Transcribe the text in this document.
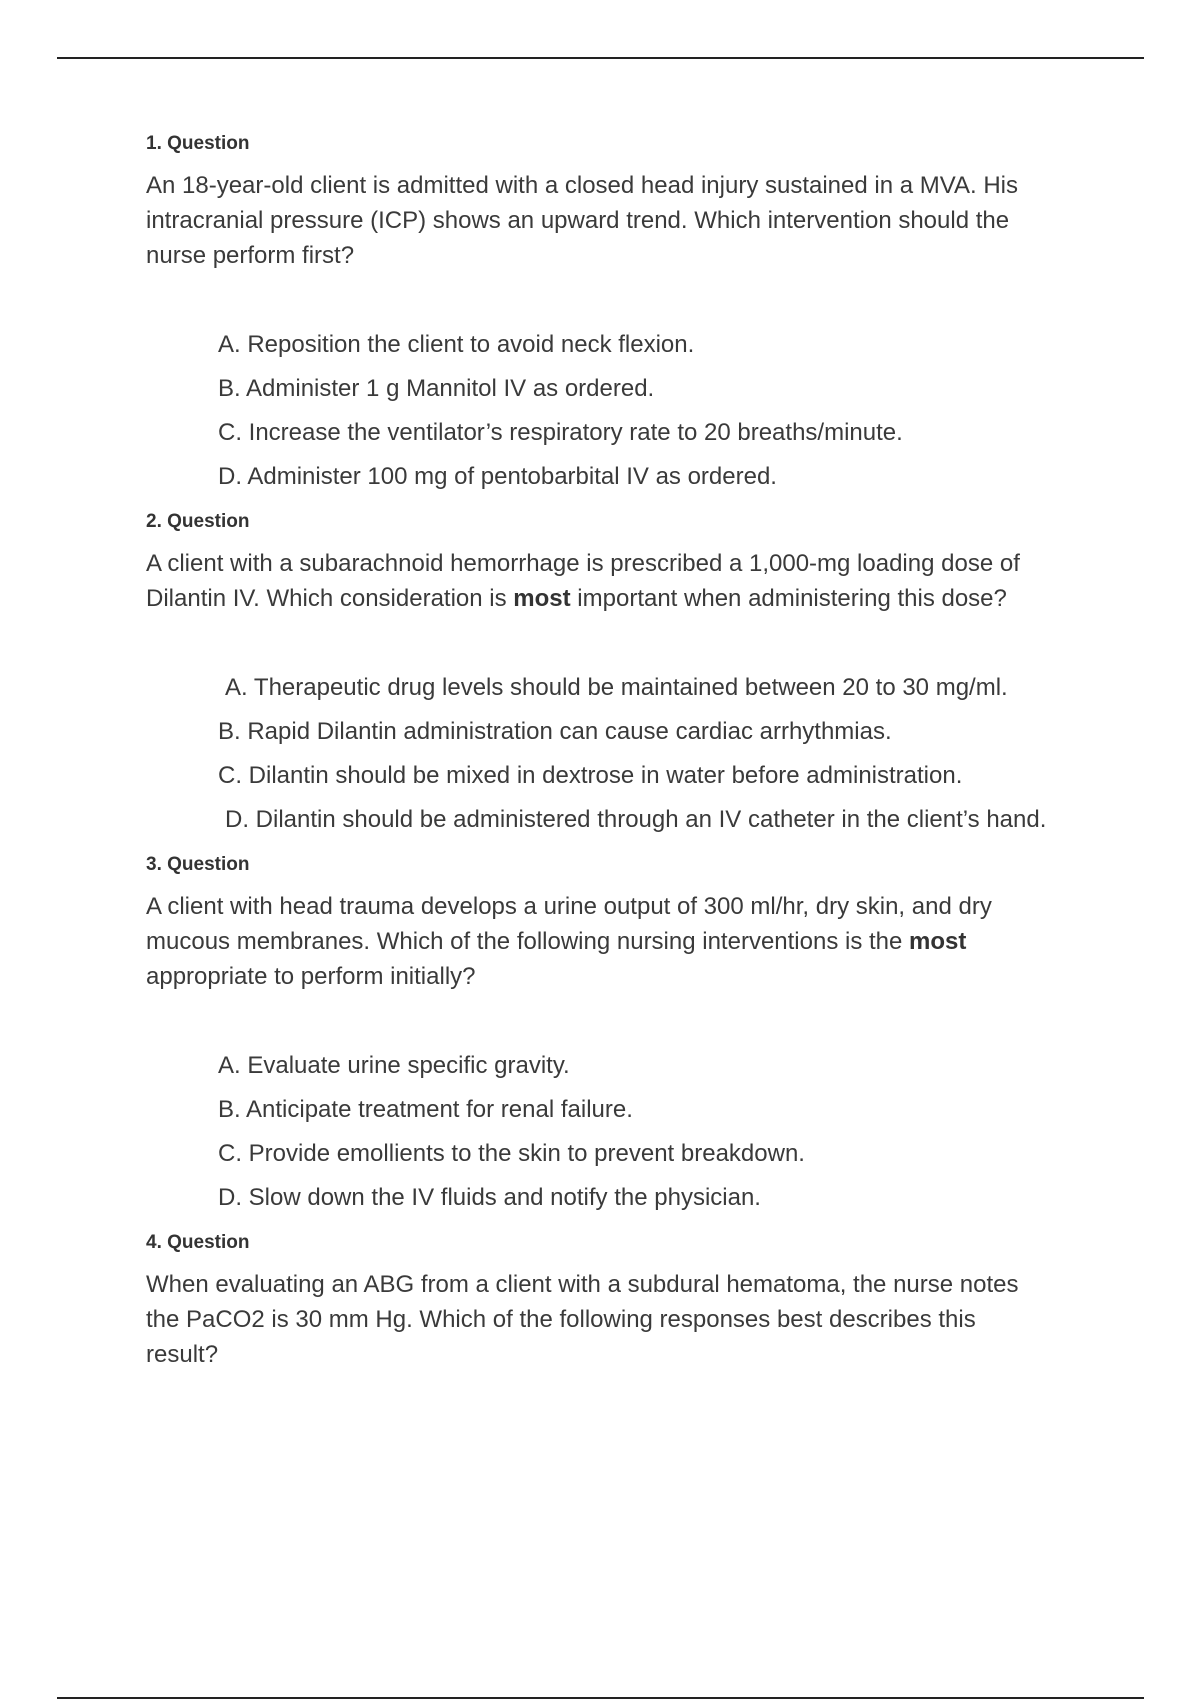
1. Question

An 18-year-old client is admitted with a closed head injury sustained in a MVA. His intracranial pressure (ICP) shows an upward trend. Which intervention should the nurse perform first?

A. Reposition the client to avoid neck flexion.
B. Administer 1 g Mannitol IV as ordered.
C. Increase the ventilator’s respiratory rate to 20 breaths/minute.
D. Administer 100 mg of pentobarbital IV as ordered.

2. Question

A client with a subarachnoid hemorrhage is prescribed a 1,000-mg loading dose of Dilantin IV. Which consideration is most important when administering this dose?

A. Therapeutic drug levels should be maintained between 20 to 30 mg/ml.
B. Rapid Dilantin administration can cause cardiac arrhythmias.
C. Dilantin should be mixed in dextrose in water before administration.
D. Dilantin should be administered through an IV catheter in the client’s hand.

3. Question

A client with head trauma develops a urine output of 300 ml/hr, dry skin, and dry mucous membranes. Which of the following nursing interventions is the most appropriate to perform initially?

A. Evaluate urine specific gravity.
B. Anticipate treatment for renal failure.
C. Provide emollients to the skin to prevent breakdown.
D. Slow down the IV fluids and notify the physician.

4. Question

When evaluating an ABG from a client with a subdural hematoma, the nurse notes the PaCO2 is 30 mm Hg. Which of the following responses best describes this result?
